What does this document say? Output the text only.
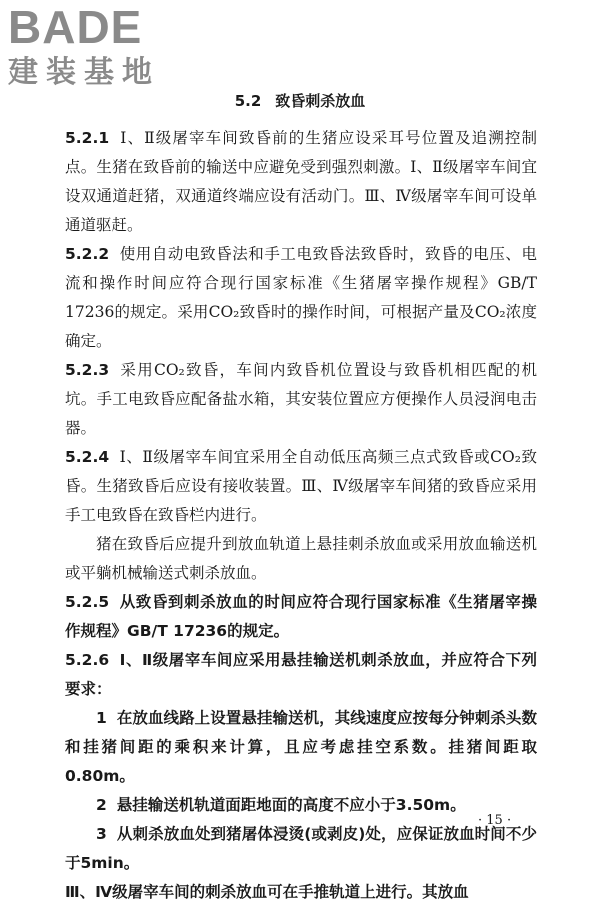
BADE
建装基地
5.2 致昏刺杀放血

5.2.1 Ⅰ、Ⅱ级屠宰车间致昏前的生猪应设采耳号位置及追溯控制点。生猪在致昏前的输送中应避免受到强烈刺激。Ⅰ、Ⅱ级屠宰车间宜设双通道赶猪，双通道终端应设有活动门。Ⅲ、Ⅳ级屠宰车间可设单通道驱赶。

5.2.2 使用自动电致昏法和手工电致昏法致昏时，致昏的电压、电流和操作时间应符合现行国家标准《生猪屠宰操作规程》GB/T 17236的规定。采用CO₂致昏时的操作时间，可根据产量及CO₂浓度确定。

5.2.3 采用CO₂致昏，车间内致昏机位置设与致昏机相匹配的机坑。手工电致昏应配备盐水箱，其安装位置应方便操作人员浸润电击器。

5.2.4 Ⅰ、Ⅱ级屠宰车间宜采用全自动低压高频三点式致昏或CO₂致昏。生猪致昏后应设有接收装置。Ⅲ、Ⅳ级屠宰车间猪的致昏应采用手工电致昏在致昏栏内进行。

猪在致昏后应提升到放血轨道上悬挂刺杀放血或采用放血输送机或平躺机械输送式刺杀放血。

5.2.5 从致昏到刺杀放血的时间应符合现行国家标准《生猪屠宰操作规程》GB/T 17236的规定。

5.2.6 Ⅰ、Ⅱ级屠宰车间应采用悬挂输送机刺杀放血，并应符合下列要求：

1 在放血线路上设置悬挂输送机，其线速度应按每分钟刺杀头数和挂猪间距的乘积来计算，且应考虑挂空系数。挂猪间距取0.80m。

2 悬挂输送机轨道面距地面的高度不应小于3.50m。

3 从刺杀放血处到猪屠体浸烫(或剥皮)处，应保证放血时间不少于5min。

Ⅲ、Ⅳ级屠宰车间的刺杀放血可在手推轨道上进行。其放血

· 15 ·
